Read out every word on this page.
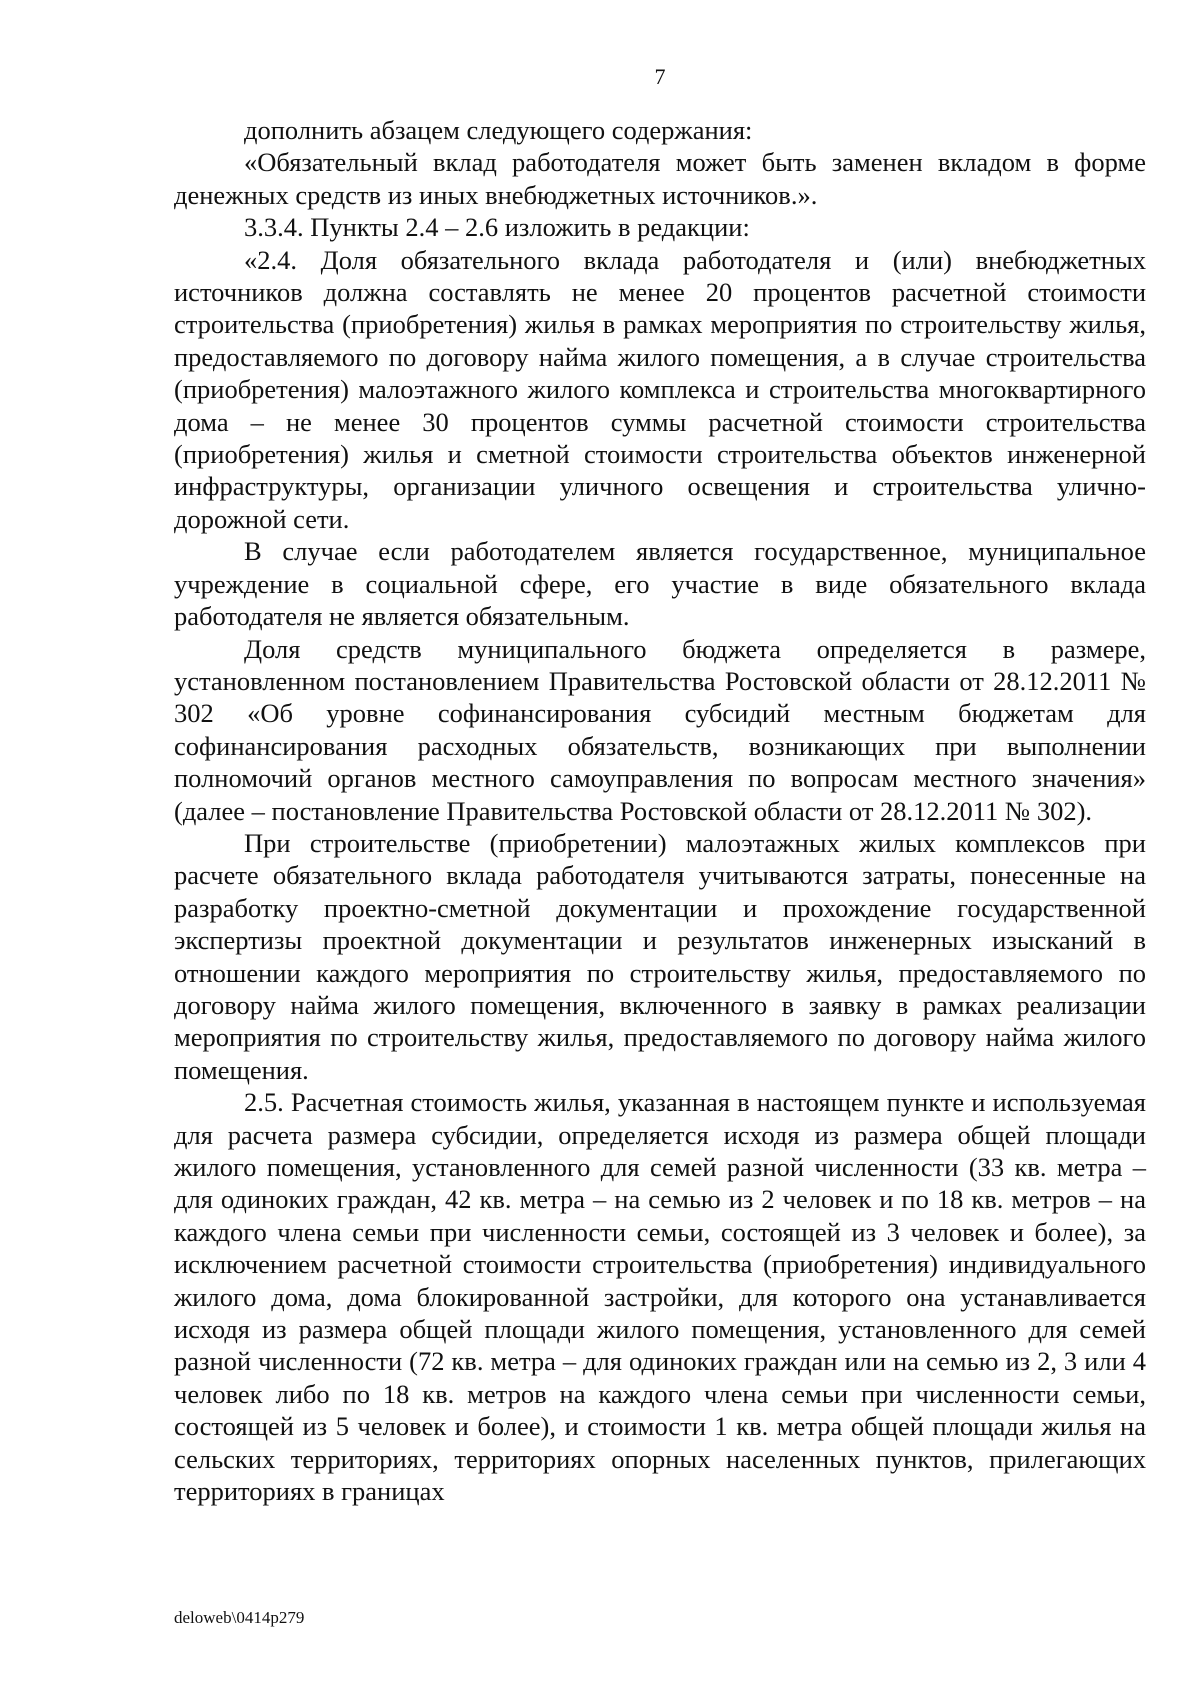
7

дополнить абзацем следующего содержания:

«Обязательный вклад работодателя может быть заменен вкладом в форме денежных средств из иных внебюджетных источников.».

3.3.4. Пункты 2.4 – 2.6 изложить в редакции:

«2.4. Доля обязательного вклада работодателя и (или) внебюджетных источников должна составлять не менее 20 процентов расчетной стоимости строительства (приобретения) жилья в рамках мероприятия по строительству жилья, предоставляемого по договору найма жилого помещения, а в случае строительства (приобретения) малоэтажного жилого комплекса и строительства многоквартирного дома – не менее 30 процентов суммы расчетной стоимости строительства (приобретения) жилья и сметной стоимости строительства объектов инженерной инфраструктуры, организации уличного освещения и строительства улично-дорожной сети.

В случае если работодателем является государственное, муниципальное учреждение в социальной сфере, его участие в виде обязательного вклада работодателя не является обязательным.

Доля средств муниципального бюджета определяется в размере, установленном постановлением Правительства Ростовской области от 28.12.2011 № 302 «Об уровне софинансирования субсидий местным бюджетам для софинансирования расходных обязательств, возникающих при выполнении полномочий органов местного самоуправления по вопросам местного значения» (далее – постановление Правительства Ростовской области от 28.12.2011 № 302).

При строительстве (приобретении) малоэтажных жилых комплексов при расчете обязательного вклада работодателя учитываются затраты, понесенные на разработку проектно-сметной документации и прохождение государственной экспертизы проектной документации и результатов инженерных изысканий в отношении каждого мероприятия по строительству жилья, предоставляемого по договору найма жилого помещения, включенного в заявку в рамках реализации мероприятия по строительству жилья, предоставляемого по договору найма жилого помещения.

2.5. Расчетная стоимость жилья, указанная в настоящем пункте и используемая для расчета размера субсидии, определяется исходя из размера общей площади жилого помещения, установленного для семей разной численности (33 кв. метра – для одиноких граждан, 42 кв. метра – на семью из 2 человек и по 18 кв. метров – на каждого члена семьи при численности семьи, состоящей из 3 человек и более), за исключением расчетной стоимости строительства (приобретения) индивидуального жилого дома, дома блокированной застройки, для которого она устанавливается исходя из размера общей площади жилого помещения, установленного для семей разной численности (72 кв. метра – для одиноких граждан или на семью из 2, 3 или 4 человек либо по 18 кв. метров на каждого члена семьи при численности семьи, состоящей из 5 человек и более), и стоимости 1 кв. метра общей площади жилья на сельских территориях, территориях опорных населенных пунктов, прилегающих территориях в границах

deloweb\0414p279
